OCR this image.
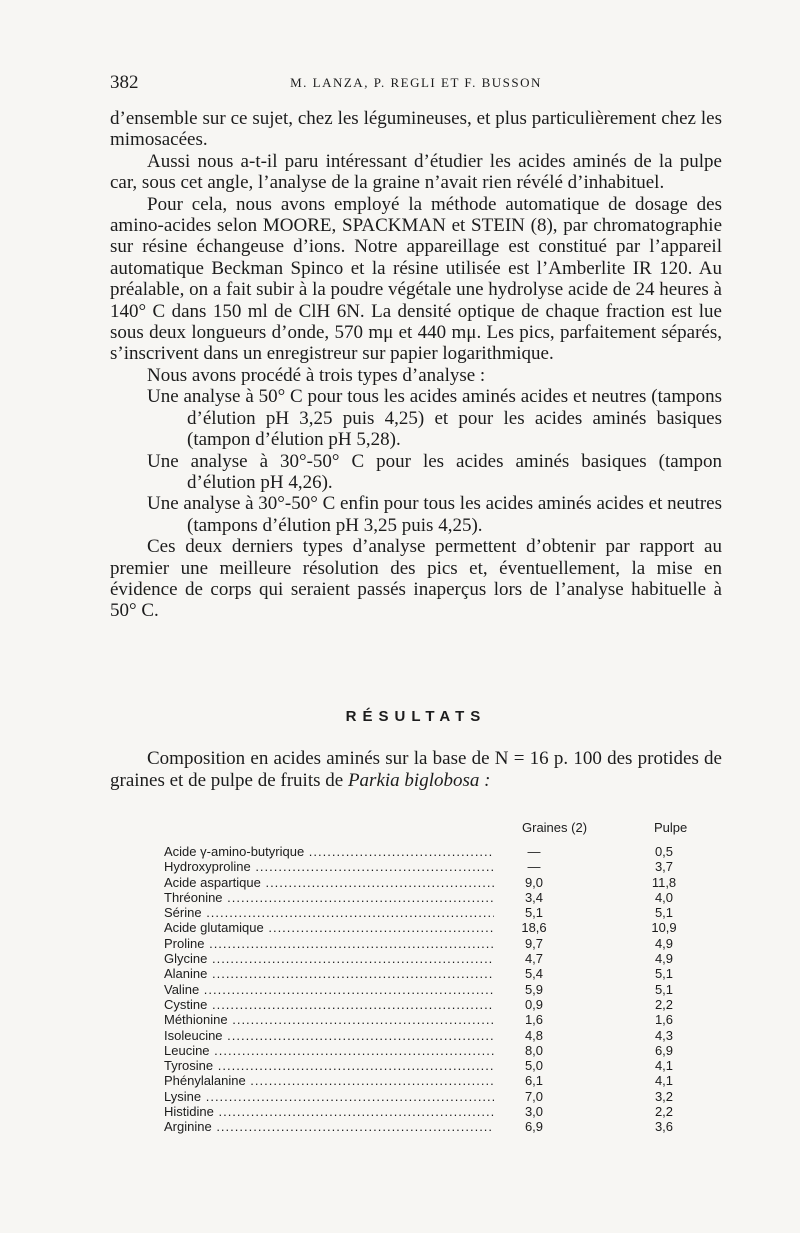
382	M. LANZA, P. REGLI ET F. BUSSON

d’ensemble sur ce sujet, chez les légumineuses, et plus particulièrement chez les mimosacées.

Aussi nous a-t-il paru intéressant d’étudier les acides aminés de la pulpe car, sous cet angle, l’analyse de la graine n’avait rien révélé d’inhabituel.

Pour cela, nous avons employé la méthode automatique de dosage des amino-acides selon MOORE, SPACKMAN et STEIN (8), par chromatographie sur résine échangeuse d’ions. Notre appareillage est constitué par l’appareil automatique Beckman Spinco et la résine utilisée est l’Amberlite IR 120. Au préalable, on a fait subir à la poudre végétale une hydrolyse acide de 24 heures à 140° C dans 150 ml de ClH 6N. La densité optique de chaque fraction est lue sous deux longueurs d’onde, 570 mμ et 440 mμ. Les pics, parfaitement séparés, s’inscrivent dans un enregistreur sur papier logarithmique.

Nous avons procédé à trois types d’analyse :

Une analyse à 50° C pour tous les acides aminés acides et neutres (tampons d’élution pH 3,25 puis 4,25) et pour les acides aminés basiques (tampon d’élution pH 5,28).

Une analyse à 30°-50° C pour les acides aminés basiques (tampon d’élution pH 4,26).

Une analyse à 30°-50° C enfin pour tous les acides aminés acides et neutres (tampons d’élution pH 3,25 puis 4,25).

Ces deux derniers types d’analyse permettent d’obtenir par rapport au premier une meilleure résolution des pics et, éventuellement, la mise en évidence de corps qui seraient passés inaperçus lors de l’analyse habituelle à 50° C.

RÉSULTATS

Composition en acides aminés sur la base de N = 16 p. 100 des protides de graines et de pulpe de fruits de Parkia biglobosa :

Graines (2)	Pulpe
Acide γ-amino-butyrique .....	—	0,5
Hydroxyproline .....	—	3,7
Acide aspartique .....	9,0	11,8
Thréonine .....	3,4	4,0
Sérine .....	5,1	5,1
Acide glutamique .....	18,6	10,9
Proline .....	9,7	4,9
Glycine .....	4,7	4,9
Alanine .....	5,4	5,1
Valine .....	5,9	5,1
Cystine .....	0,9	2,2
Méthionine .....	1,6	1,6
Isoleucine .....	4,8	4,3
Leucine .....	8,0	6,9
Tyrosine .....	5,0	4,1
Phénylalanine .....	6,1	4,1
Lysine .....	7,0	3,2
Histidine .....	3,0	2,2
Arginine .....	6,9	3,6
